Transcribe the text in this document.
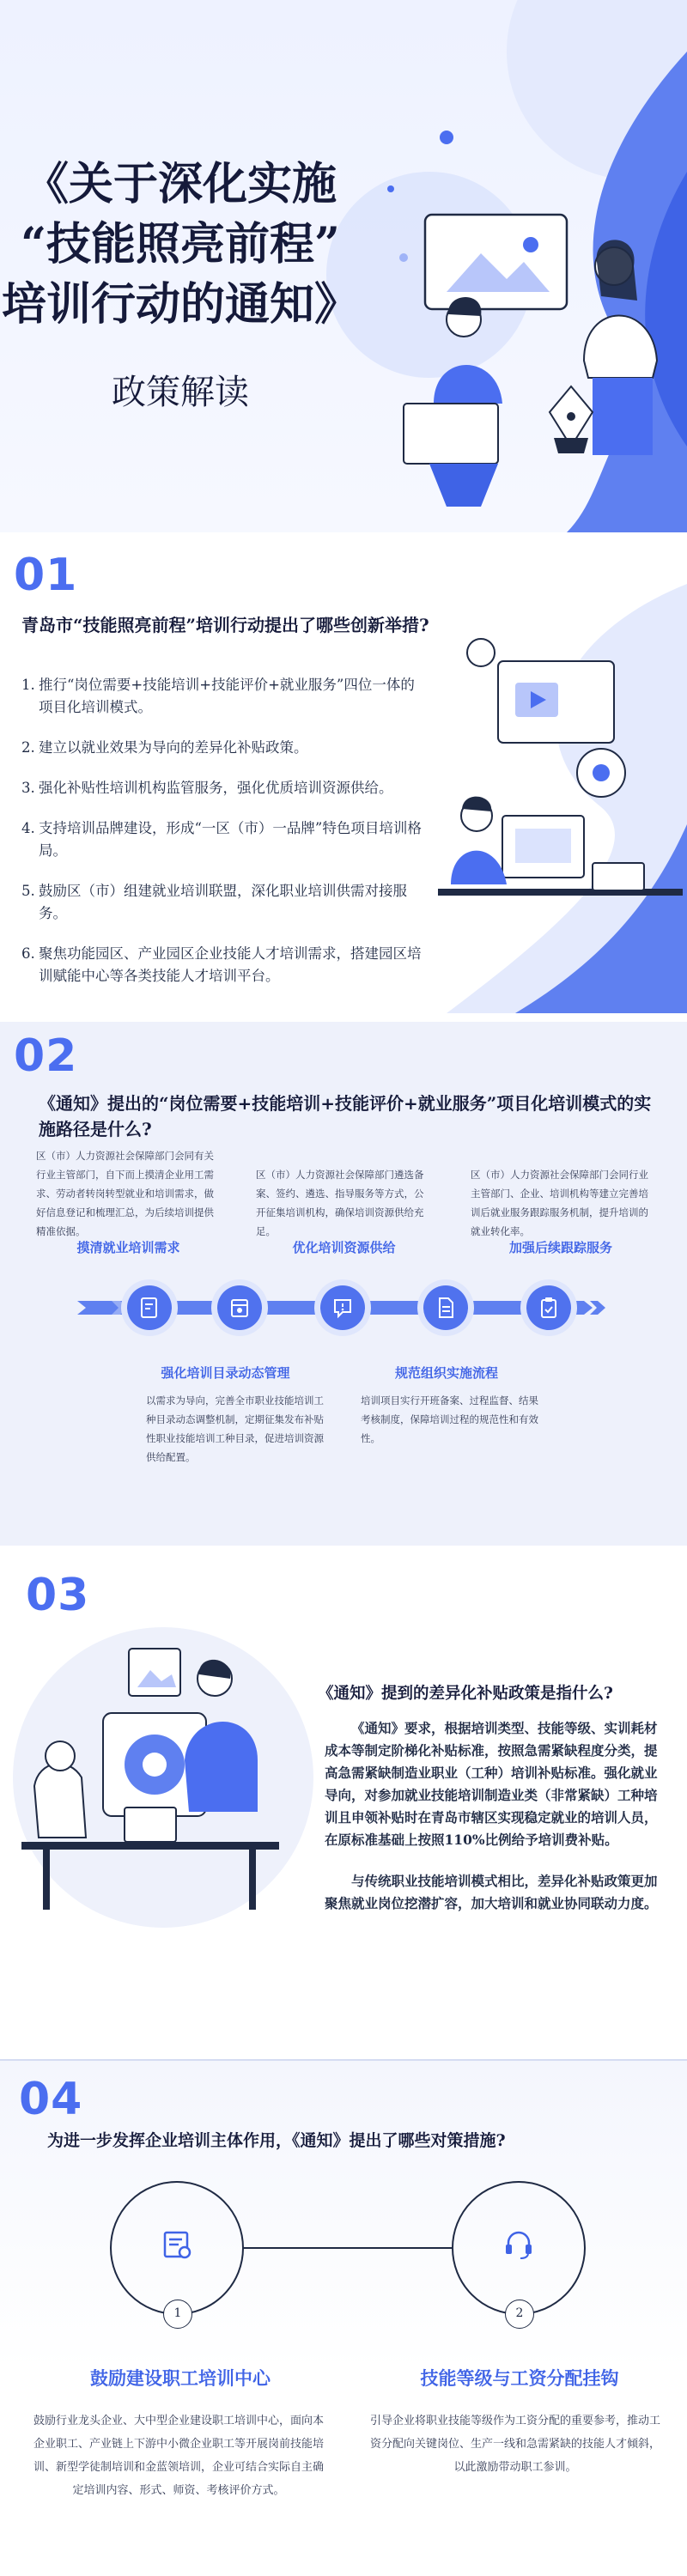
《关于深化实施
“技能照亮前程”
培训行动的通知》
政策解读
01
青岛市“技能照亮前程”培训行动提出了哪些创新举措?
1. 推行“岗位需要+技能培训+技能评价+就业服务”四位一体的项目化培训模式。
2. 建立以就业效果为导向的差异化补贴政策。
3. 强化补贴性培训机构监管服务，强化优质培训资源供给。
4. 支持培训品牌建设，形成“一区（市）一品牌”特色项目培训格局。
5. 鼓励区（市）组建就业培训联盟，深化职业培训供需对接服务。
6. 聚焦功能园区、产业园区企业技能人才培训需求，搭建园区培训赋能中心等各类技能人才培训平台。
02
《通知》提出的“岗位需要+技能培训+技能评价+就业服务”项目化培训模式的实施路径是什么?
区（市）人力资源社会保障部门会同有关行业主管部门，自下而上摸清企业用工需求、劳动者转岗转型就业和培训需求，做好信息登记和梳理汇总，为后续培训提供精准依据。
区（市）人力资源社会保障部门遴选备案、签约、遴选、指导服务等方式，公开征集培训机构，确保培训资源供给充足。
区（市）人力资源社会保障部门会同行业主管部门、企业、培训机构等建立完善培训后就业服务跟踪服务机制，提升培训的就业转化率。
摸清就业培训需求	优化培训资源供给	加强后续跟踪服务
强化培训目录动态管理	规范组织实施流程
以需求为导向，完善全市职业技能培训工种目录动态调整机制，定期征集发布补贴性职业技能培训工种目录，促进培训资源供给配置。
培训项目实行开班备案、过程监督、结果考核制度，保障培训过程的规范性和有效性。
03
《通知》提到的差异化补贴政策是指什么?
《通知》要求，根据培训类型、技能等级、实训耗材成本等制定阶梯化补贴标准，按照急需紧缺程度分类，提高急需紧缺制造业职业（工种）培训补贴标准。强化就业导向，对参加就业技能培训制造业类（非常紧缺）工种培训且申领补贴时在青岛市辖区实现稳定就业的培训人员，在原标准基础上按照110%比例给予培训费补贴。
与传统职业技能培训模式相比，差异化补贴政策更加聚焦就业岗位挖潜扩容，加大培训和就业协同联动力度。
04
为进一步发挥企业培训主体作用，《通知》提出了哪些对策措施?
1	2
鼓励建设职工培训中心	技能等级与工资分配挂钩
鼓励行业龙头企业、大中型企业建设职工培训中心，面向本企业职工、产业链上下游中小微企业职工等开展岗前技能培训、新型学徒制培训和金蓝领培训，企业可结合实际自主确定培训内容、形式、师资、考核评价方式。
引导企业将职业技能等级作为工资分配的重要参考，推动工资分配向关键岗位、生产一线和急需紧缺的技能人才倾斜，以此激励带动职工参训。
